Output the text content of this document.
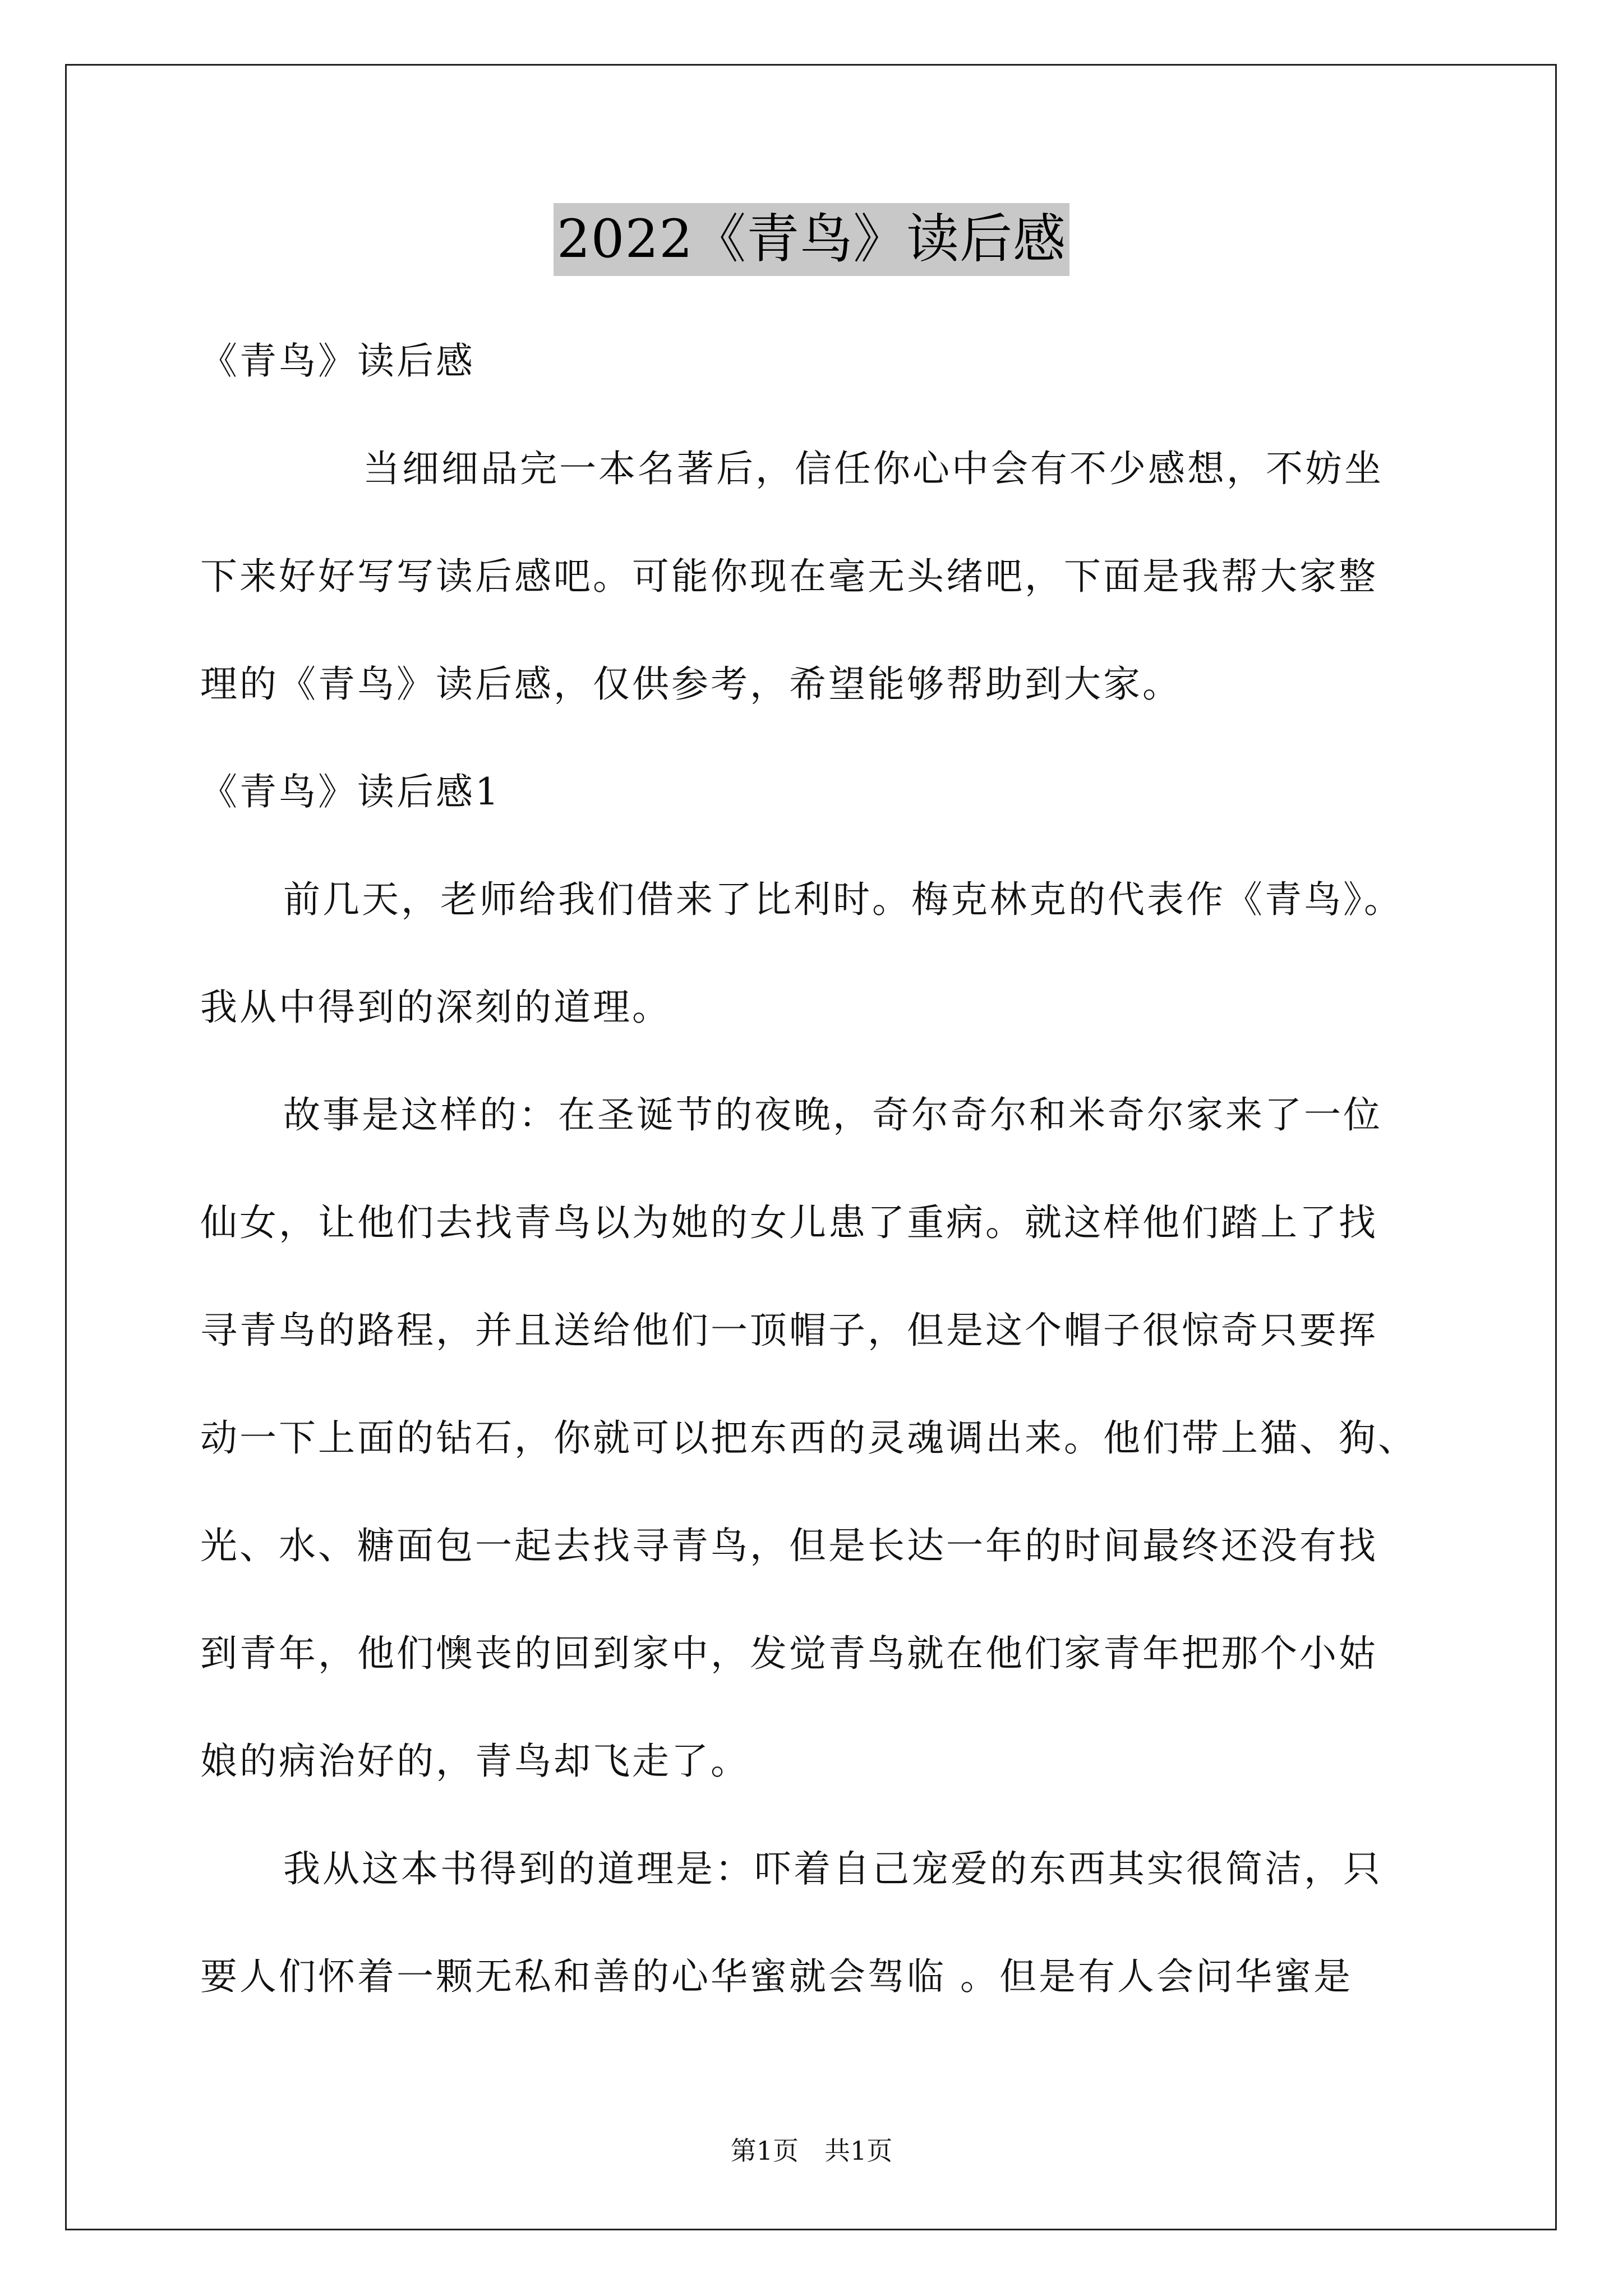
2022《青鸟》读后感
《青鸟》读后感
当细细品完一本名著后，信任你心中会有不少感想，不妨坐
下来好好写写读后感吧。可能你现在毫无头绪吧，下面是我帮大家整
理的《青鸟》读后感，仅供参考，希望能够帮助到大家。
《青鸟》读后感1
前几天，老师给我们借来了比利时。梅克林克的代表作《青鸟》。
我从中得到的深刻的道理。
故事是这样的：在圣诞节的夜晚，奇尔奇尔和米奇尔家来了一位
仙女，让他们去找青鸟以为她的女儿患了重病。就这样他们踏上了找
寻青鸟的路程，并且送给他们一顶帽子，但是这个帽子很惊奇只要挥
动一下上面的钻石，你就可以把东西的灵魂调出来。他们带上猫、狗、
光、水、糖面包一起去找寻青鸟，但是长达一年的时间最终还没有找
到青年，他们懊丧的回到家中，发觉青鸟就在他们家青年把那个小姑
娘的病治好的，青鸟却飞走了。
我从这本书得到的道理是：吓着自己宠爱的东西其实很简洁，只
要人们怀着一颗无私和善的心华蜜就会驾临 。但是有人会问华蜜是
第1页　共1页
